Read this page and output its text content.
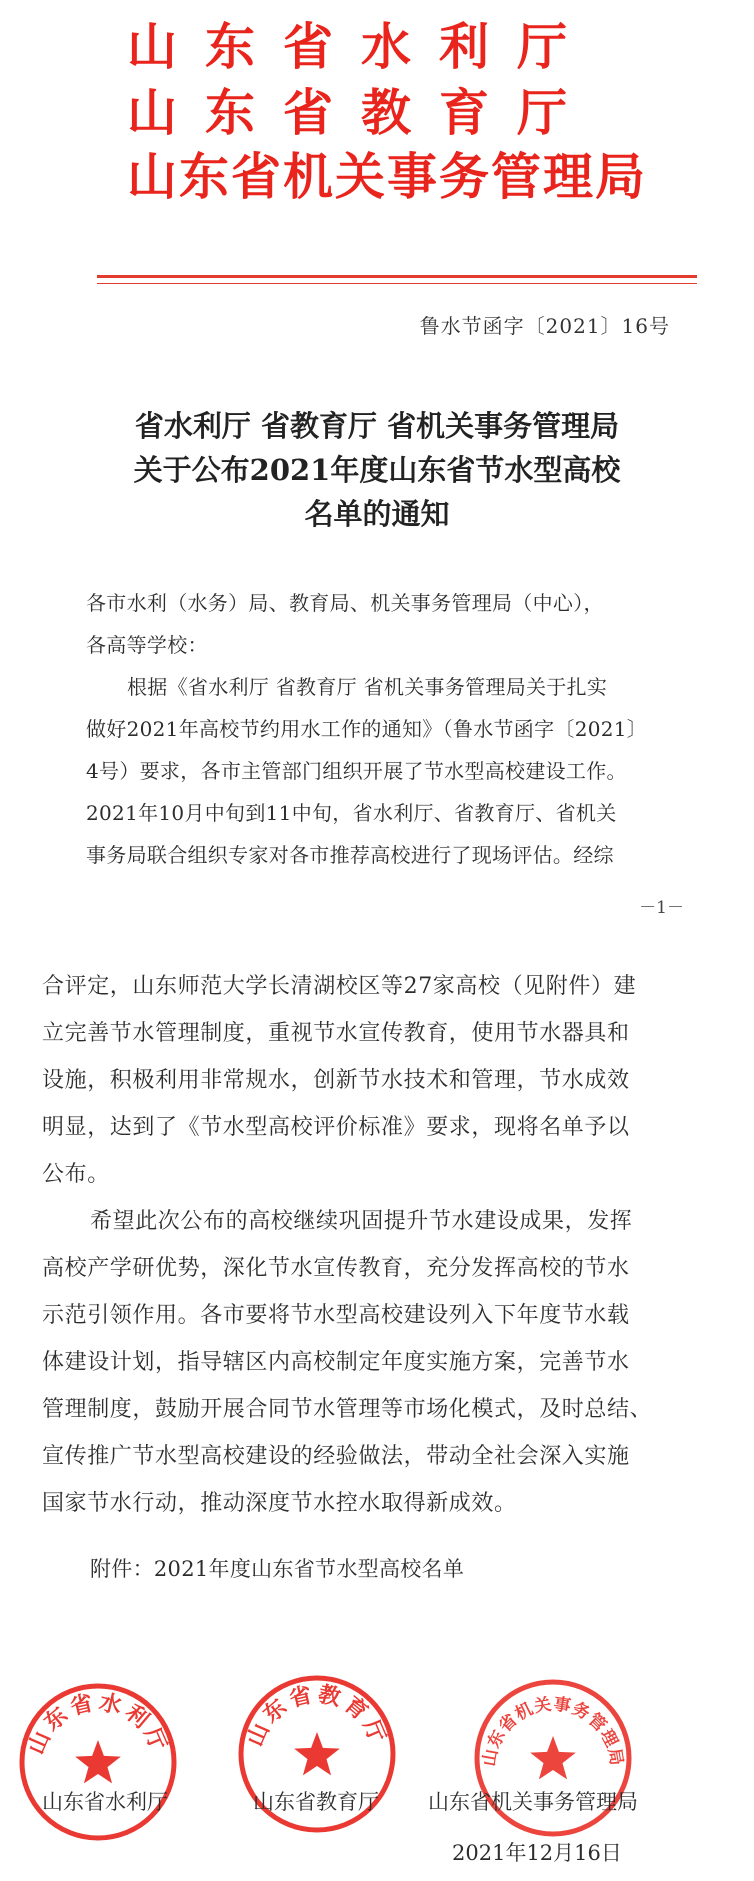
山东省水利厅
山东省教育厅
山东省机关事务管理局
鲁水节函字〔2021〕16号
省水利厅 省教育厅 省机关事务管理局
关于公布2021年度山东省节水型高校
名单的通知
各市水利（水务）局、教育局、机关事务管理局（中心），
各高等学校：
根据《省水利厅 省教育厅 省机关事务管理局关于扎实
做好2021年高校节约用水工作的通知》（鲁水节函字〔2021〕
4号）要求，各市主管部门组织开展了节水型高校建设工作。
2021年10月中旬到11中旬，省水利厅、省教育厅、省机关
事务局联合组织专家对各市推荐高校进行了现场评估。经综
－1－
合评定，山东师范大学长清湖校区等27家高校（见附件）建
立完善节水管理制度，重视节水宣传教育，使用节水器具和
设施，积极利用非常规水，创新节水技术和管理，节水成效
明显，达到了《节水型高校评价标准》要求，现将名单予以
公布。
希望此次公布的高校继续巩固提升节水建设成果，发挥
高校产学研优势，深化节水宣传教育，充分发挥高校的节水
示范引领作用。各市要将节水型高校建设列入下年度节水载
体建设计划，指导辖区内高校制定年度实施方案，完善节水
管理制度，鼓励开展合同节水管理等市场化模式，及时总结、
宣传推广节水型高校建设的经验做法，带动全社会深入实施
国家节水行动，推动深度节水控水取得新成效。
附件：2021年度山东省节水型高校名单
山东省水利厅	山东省教育厅
山东省机关事务管理局
山东省水利厅	山东省教育厅 山东省机关事务管理局
2021年12月16日
